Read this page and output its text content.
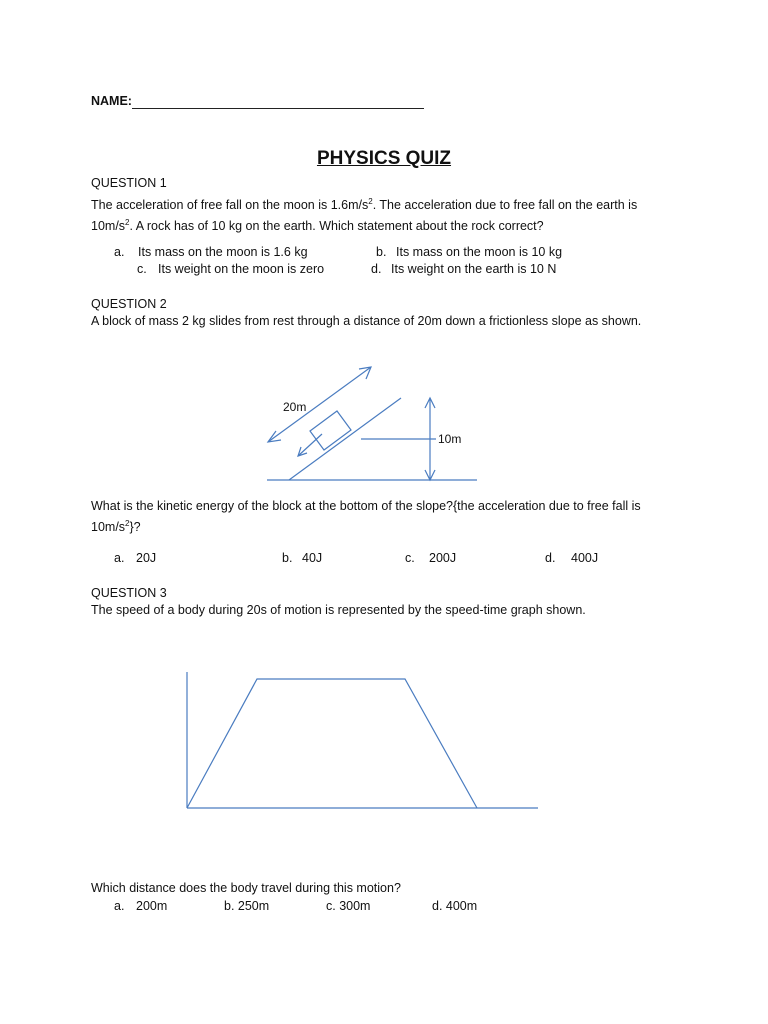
NAME:
PHYSICS QUIZ
QUESTION 1
The acceleration of free fall on the moon is $1.6m/s^2$. The acceleration due to free fall on the earth is $10m/s^2$. A rock has of 10 kg on the earth. Which statement about the rock correct?
a. Its mass on the moon is 1.6 kg	b. Its mass on the moon is 10 kg
c. Its weight on the moon is zero	d. Its weight on the earth is 10 N
QUESTION 2
A block of mass 2 kg slides from rest through a distance of 20m down a frictionless slope as shown.
20m
10m
What is the kinetic energy of the block at the bottom of the slope?{the acceleration due to free fall is $10m/s^2$}?
a. 20J	b. 40J	c. 200J	d. 400J
QUESTION 3
The speed of a body during 20s of motion is represented by the speed-time graph shown.
Which distance does the body travel during this motion?
a. 200m	b. 250m	c. 300m	d. 400m
